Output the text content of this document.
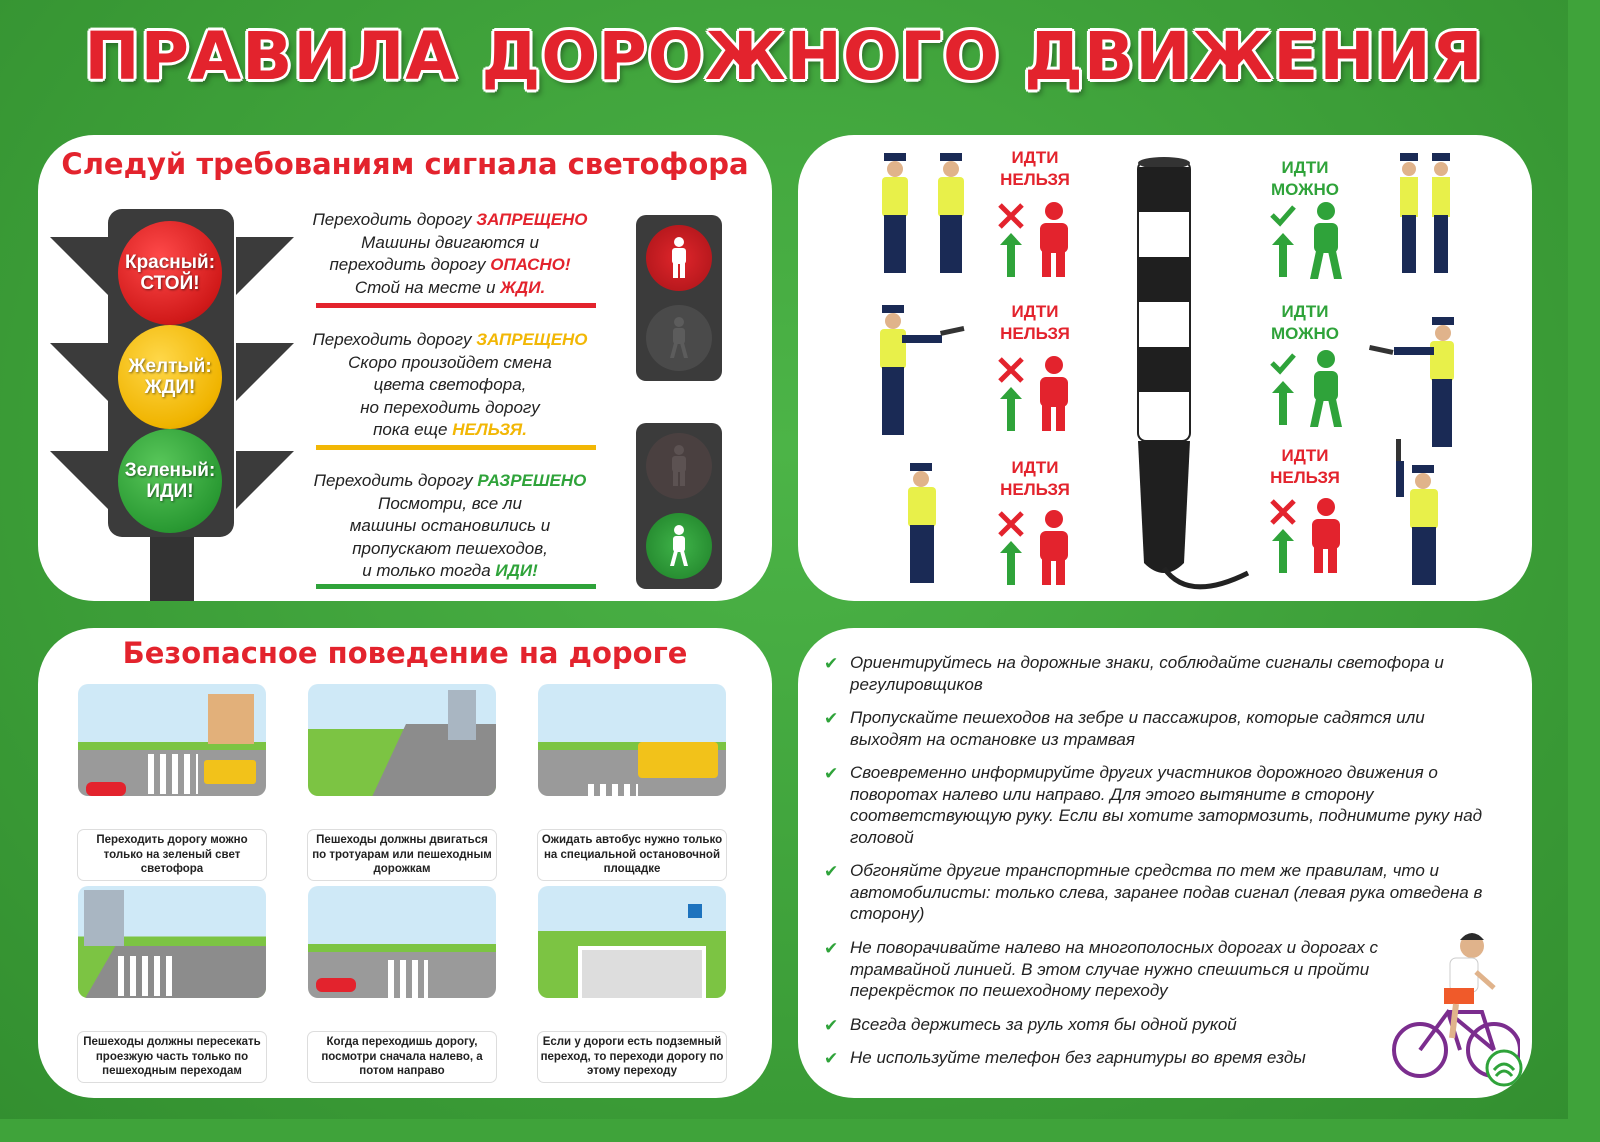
ПРАВИЛА ДОРОЖНОГО ДВИЖЕНИЯ
Следуй требованиям сигнала светофора
Красный:
СТОЙ!
Желтый:
ЖДИ!
Зеленый:
ИДИ!
Переходить дорогу ЗАПРЕЩЕНО
Машины двигаются и
переходить дорогу ОПАСНО!
Стой на месте и ЖДИ.
Переходить дорогу ЗАПРЕЩЕНО
Скоро произойдет смена
цвета светофора,
но переходить дорогу
пока еще НЕЛЬЗЯ.
Переходить дорогу РАЗРЕШЕНО
Посмотри, все ли
машины остановились и
пропускают пешеходов,
и только тогда ИДИ!
ИДТИ
НЕЛЬЗЯ
ИДТИ
МОЖНО
ИДТИ
НЕЛЬЗЯ
ИДТИ
МОЖНО
ИДТИ
НЕЛЬЗЯ
ИДТИ
НЕЛЬЗЯ
Безопасное поведение на дороге
Переходить дорогу можно только на зеленый свет светофора
Пешеходы должны двигаться по тротуарам или пешеходным дорожкам
Ожидать автобус нужно только на специальной остановочной площадке
Пешеходы должны пересекать проезжую часть только по пешеходным переходам
Когда переходишь дорогу, посмотри сначала налево, а потом направо
Если у дороги есть подземный переход, то переходи дорогу по этому переходу
✔ Ориентируйтесь на дорожные знаки, соблюдайте сигналы светофора и регулировщиков
✔ Пропускайте пешеходов на зебре и пассажиров, которые садятся или выходят на остановке из трамвая
✔ Своевременно информируйте других участников дорожного движения о поворотах налево или направо. Для этого вытяните в сторону соответствующую руку. Если вы хотите затормозить, поднимите руку над головой
✔ Обгоняйте другие транспортные средства по тем же правилам, что и автомобилисты: только слева, заранее подав сигнал (левая рука отведена в сторону)
✔ Не поворачивайте налево на многополосных дорогах и дорогах с трамвайной линией. В этом случае нужно спешиться и пройти перекрёсток по пешеходному переходу
✔ Всегда держитесь за руль хотя бы одной рукой
✔ Не используйте телефон без гарнитуры во время езды
